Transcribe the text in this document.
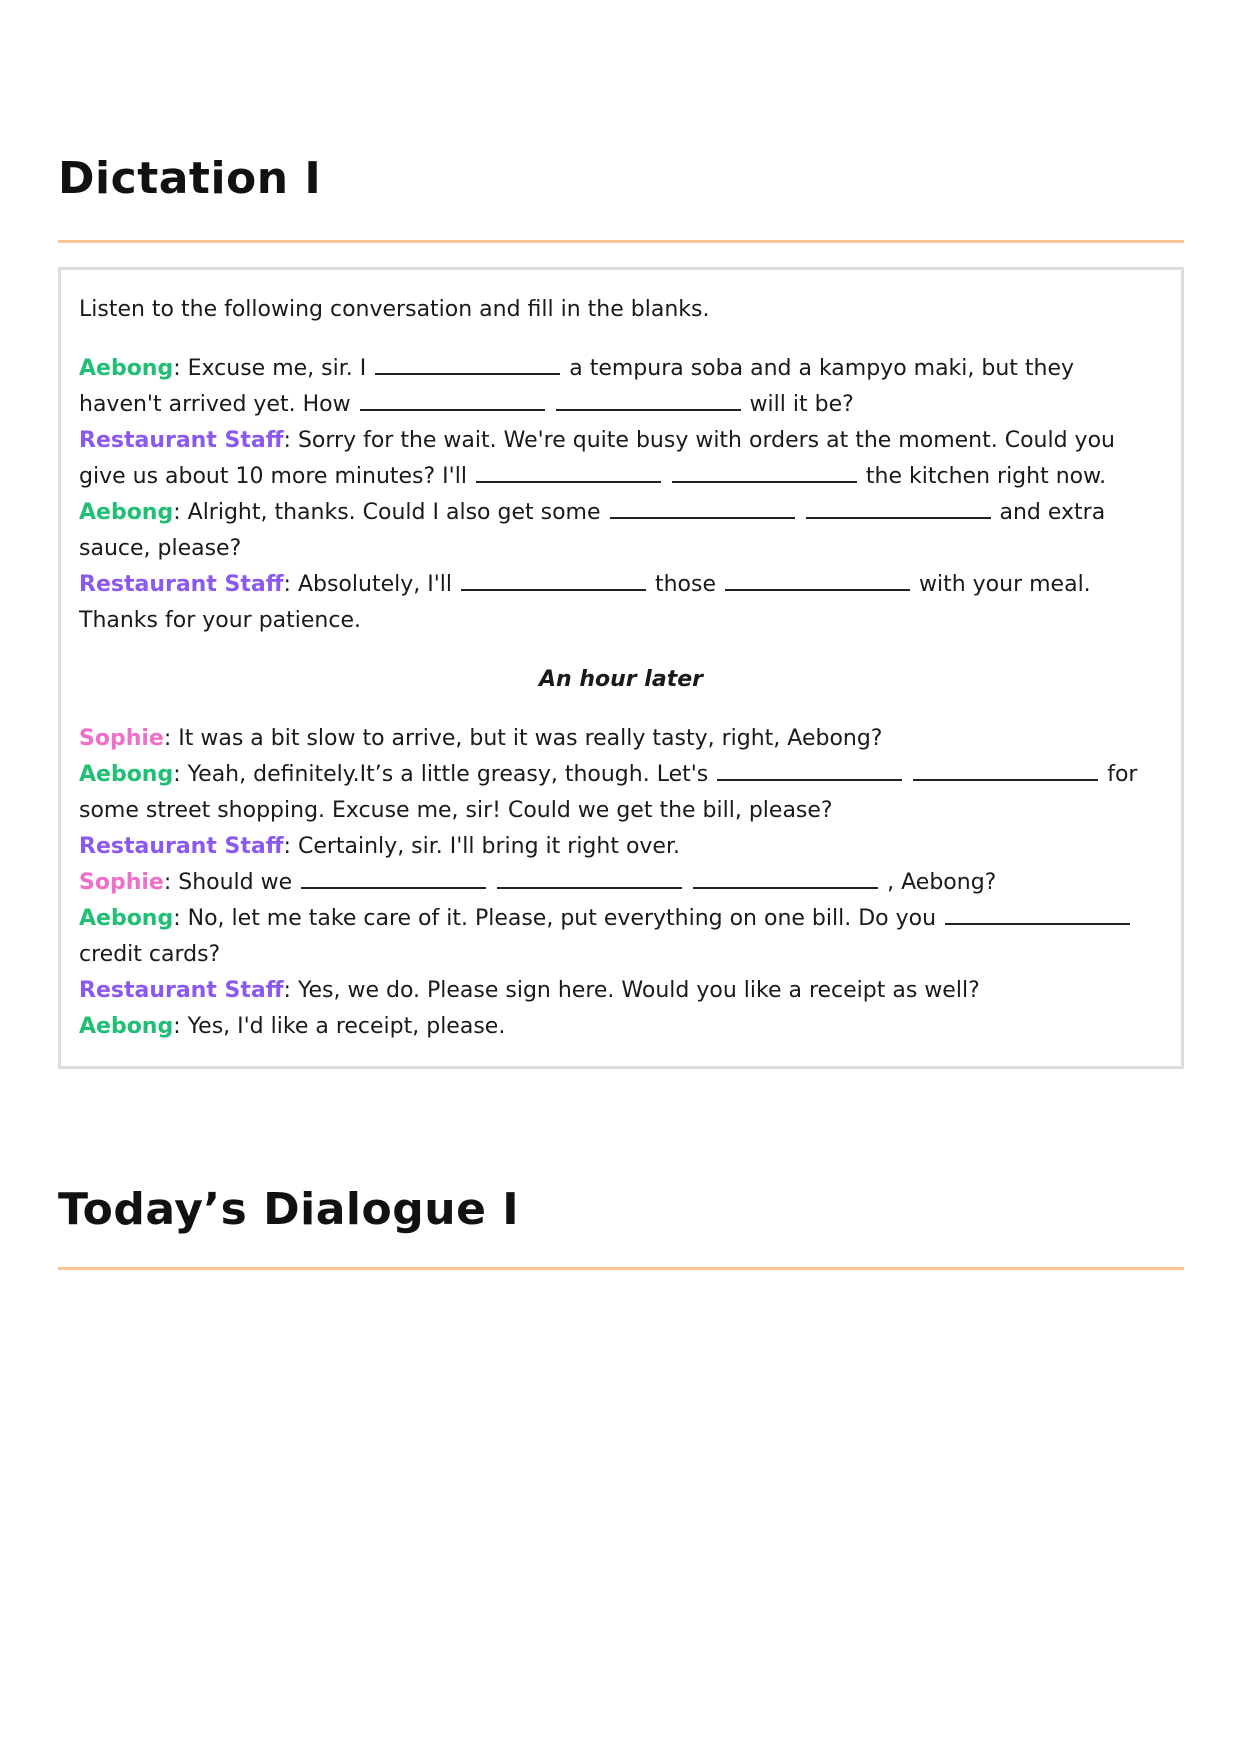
Dictation I

Listen to the following conversation and fill in the blanks.

Aebong: Excuse me, sir. I	a tempura soba and a kampyo maki, but they haven't arrived yet. How	will it be?

Restaurant Staff: Sorry for the wait. We're quite busy with orders at the moment. Could you give us about 10 more minutes? I'll	the kitchen right now.

Aebong: Alright, thanks. Could I also get some	and extra sauce, please?

Restaurant Staff: Absolutely, I'll	those	with your meal. Thanks for your patience.

An hour later

Sophie: It was a bit slow to arrive, but it was really tasty, right, Aebong?

Aebong: Yeah, definitely.It’s a little greasy, though. Let's	for some street shopping. Excuse me, sir! Could we get the bill, please?

Restaurant Staff: Certainly, sir. I'll bring it right over.

Sophie: Should we	, Aebong?

Aebong: No, let me take care of it. Please, put everything on one bill. Do you  credit cards?

Restaurant Staff: Yes, we do. Please sign here. Would you like a receipt as well?

Aebong: Yes, I'd like a receipt, please.

Today’s Dialogue I
